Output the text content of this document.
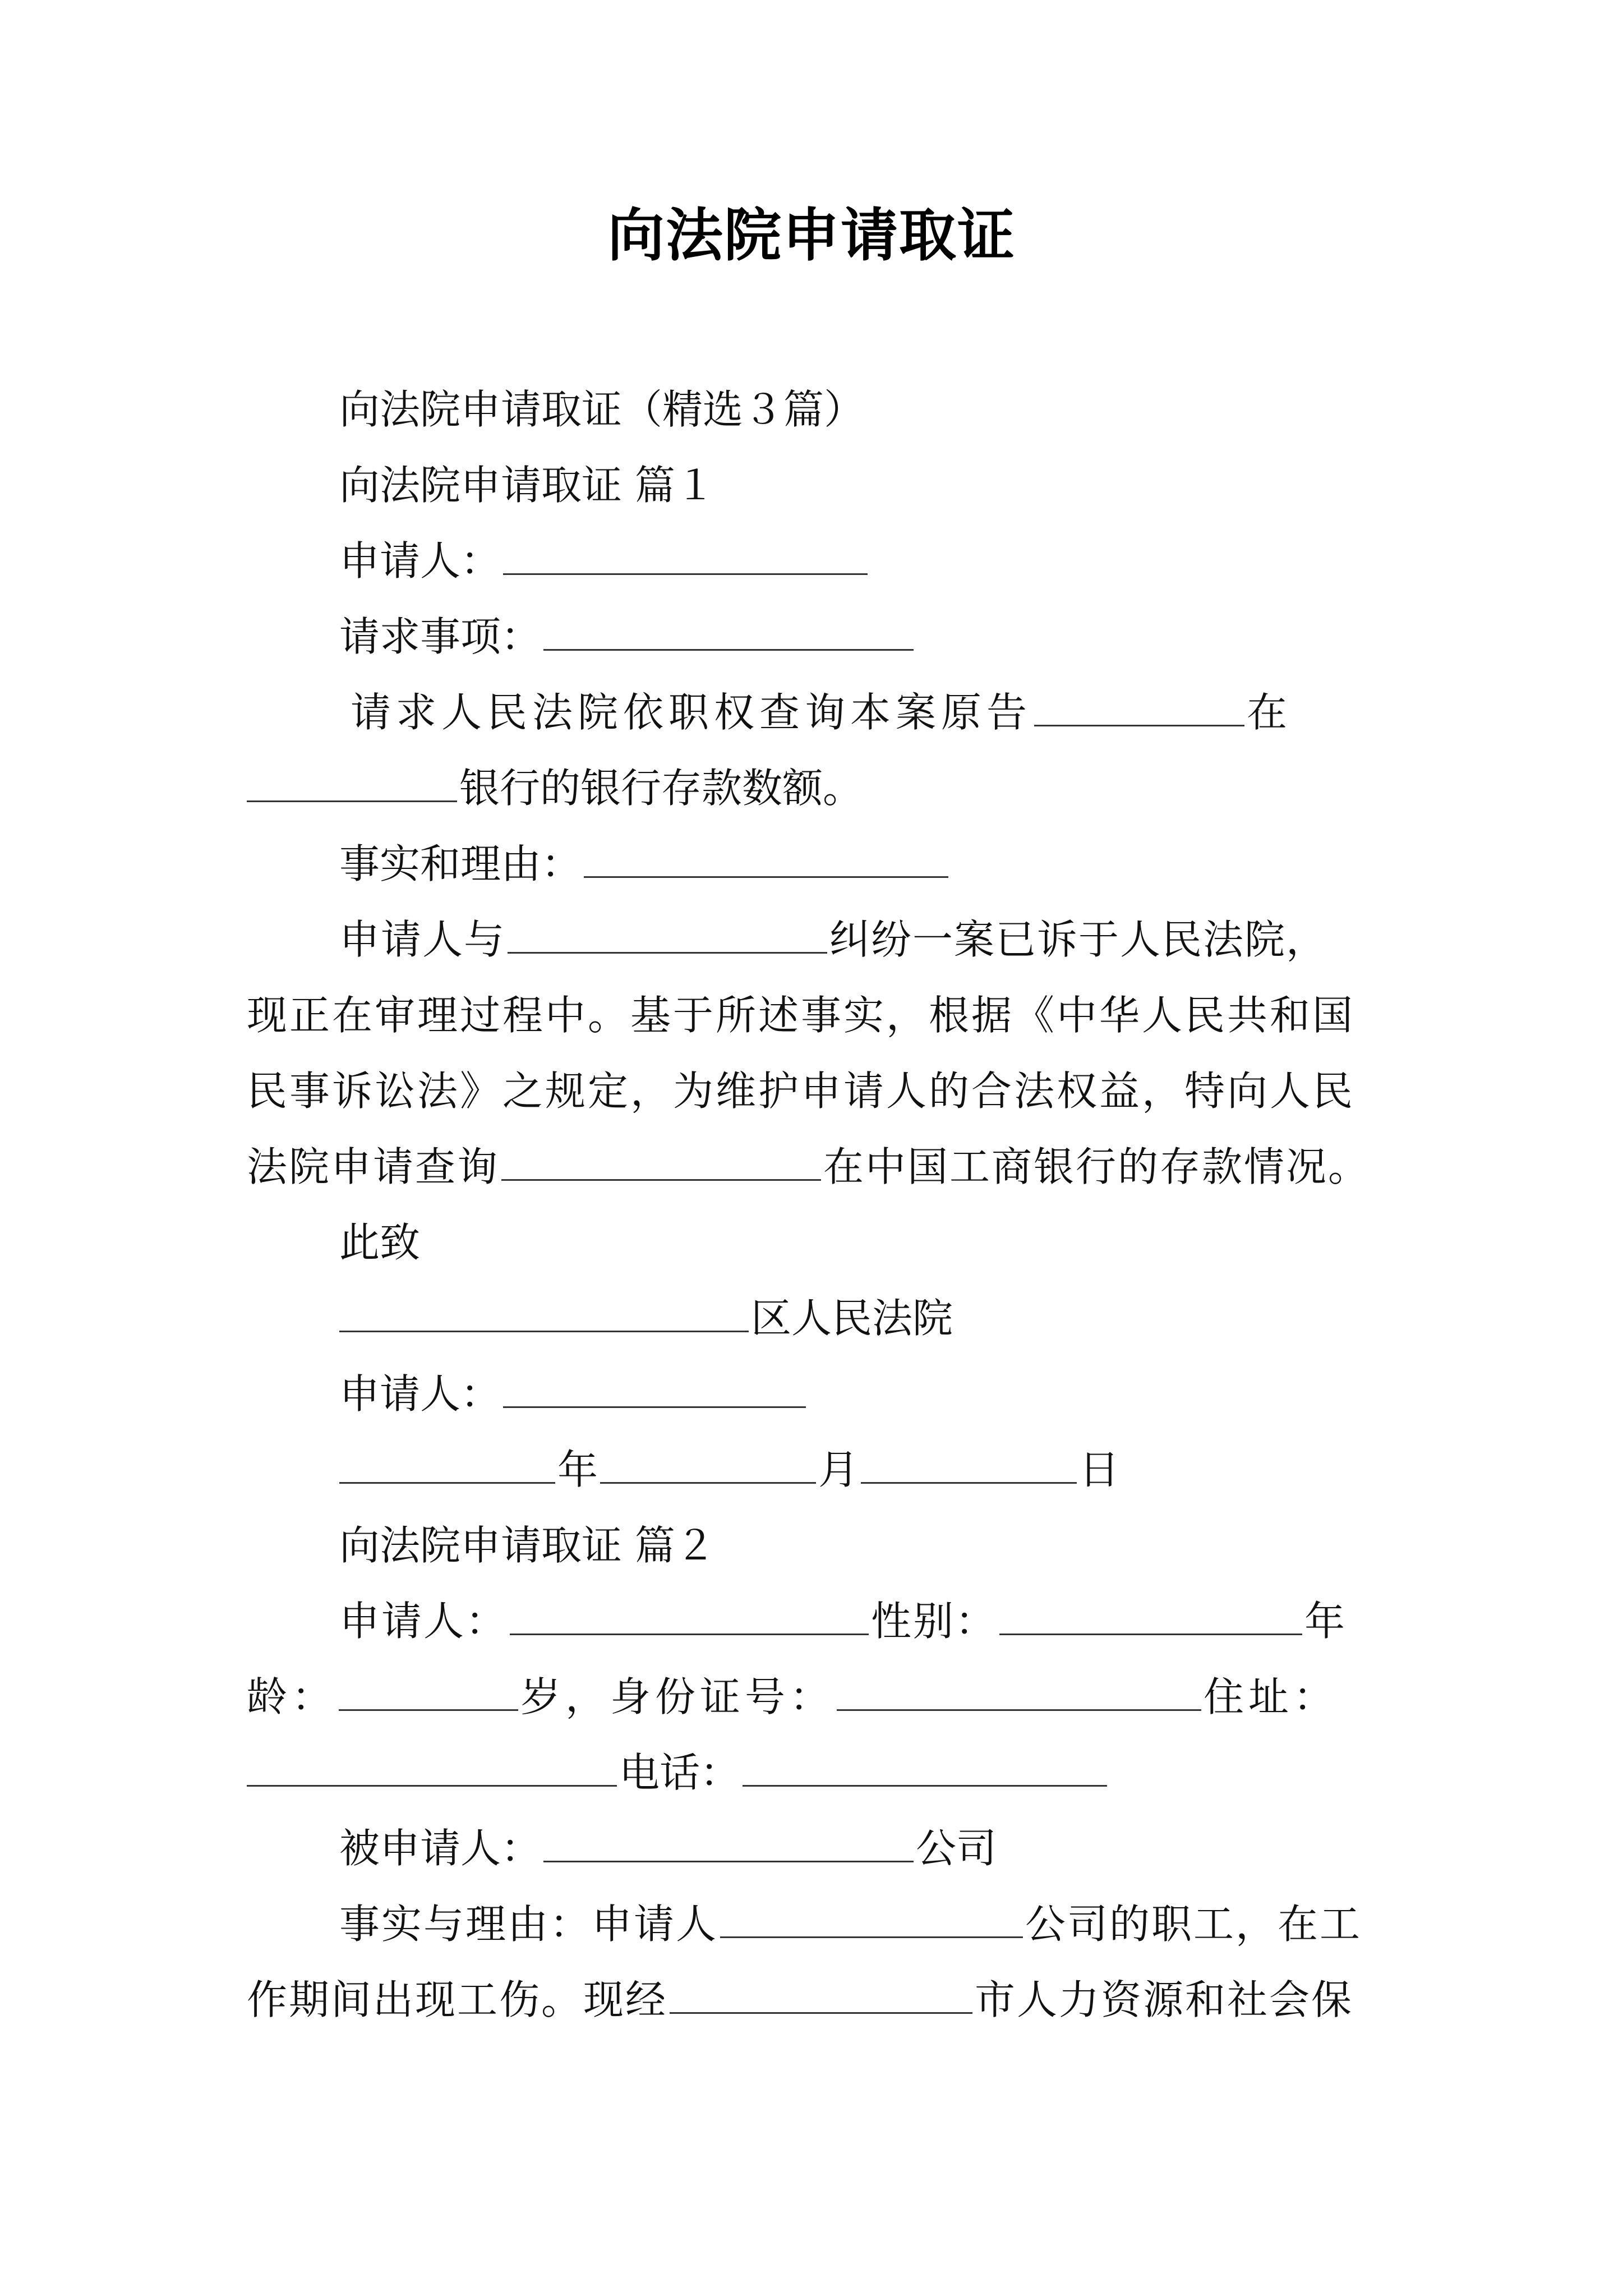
向法院申请取证
向法院申请取证（精选３篇）
向法院申请取证 篇１
申请人：
请求事项：
请求人民法院依职权查询本案原告	在
银行的银行存款数额。
事实和理由：
申请人与	纠纷一案已诉于人民法院，
现正在审理过程中。基于所述事实，根据《中华人民共和国
民事诉讼法》之规定，为维护申请人的合法权益，特向人民
法院申请查询	在中国工商银行的存款情况。
此致
区人民法院
申请人：
年	月	日
向法院申请取证 篇２
申请人：	性别：	年
龄：	岁，身份证号：	住址：
电话：
被申请人：	公司
事实与理由：申请人	公司的职工，在工
作期间出现工伤。现经	市人力资源和社会保
